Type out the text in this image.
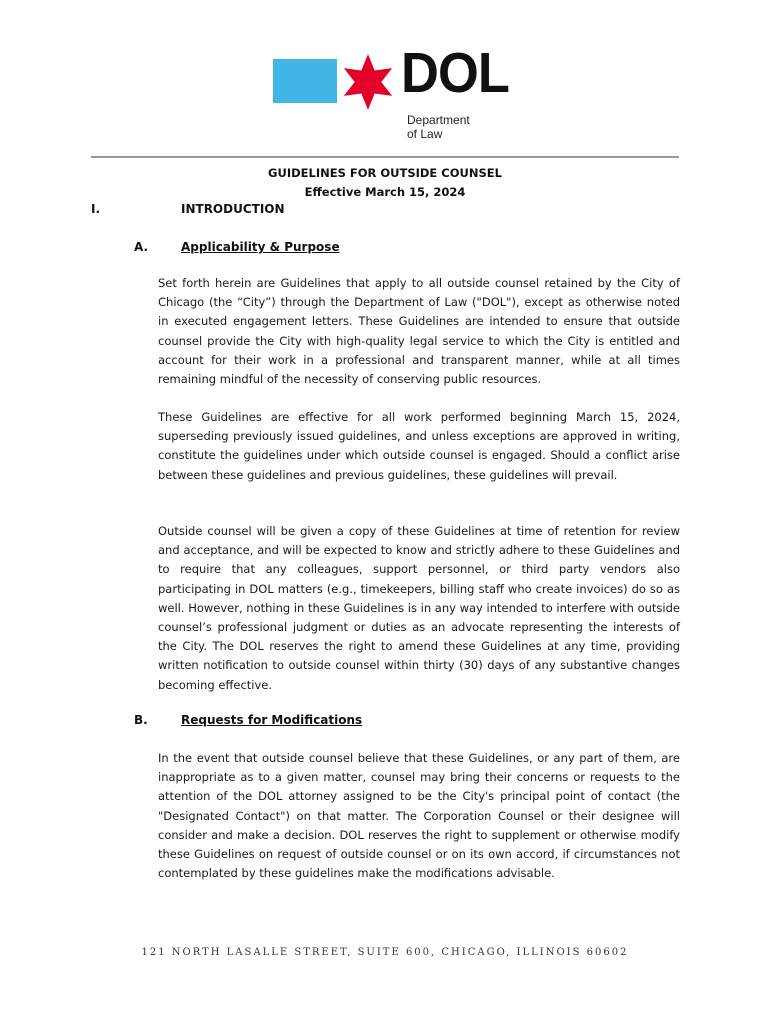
DOL
Department
of Law
GUIDELINES FOR OUTSIDE COUNSEL
Effective March 15, 2024
I.	INTRODUCTION
A.	Applicability & Purpose
Set forth herein are Guidelines that apply to all outside counsel retained by the City of Chicago (the “City”) through the Department of Law ("DOL"), except as otherwise noted in executed engagement letters. These Guidelines are intended to ensure that outside counsel provide the City with high-quality legal service to which the City is entitled and account for their work in a professional and transparent manner, while at all times remaining mindful of the necessity of conserving public resources.
These Guidelines are effective for all work performed beginning March 15, 2024, superseding previously issued guidelines, and unless exceptions are approved in writing, constitute the guidelines under which outside counsel is engaged. Should a conflict arise between these guidelines and previous guidelines, these guidelines will prevail.
Outside counsel will be given a copy of these Guidelines at time of retention for review and acceptance, and will be expected to know and strictly adhere to these Guidelines and to require that any colleagues, support personnel, or third party vendors also participating in DOL matters (e.g., timekeepers, billing staff who create invoices) do so as well. However, nothing in these Guidelines is in any way intended to interfere with outside counsel’s professional judgment or duties as an advocate representing the interests of the City. The DOL reserves the right to amend these Guidelines at any time, providing written notification to outside counsel within thirty (30) days of any substantive changes becoming effective.
B.	Requests for Modifications
In the event that outside counsel believe that these Guidelines, or any part of them, are inappropriate as to a given matter, counsel may bring their concerns or requests to the attention of the DOL attorney assigned to be the City's principal point of contact (the "Designated Contact") on that matter. The Corporation Counsel or their designee will consider and make a decision. DOL reserves the right to supplement or otherwise modify these Guidelines on request of outside counsel or on its own accord, if circumstances not contemplated by these guidelines make the modifications advisable.
121 NORTH LASALLE STREET, SUITE 600, CHICAGO, ILLINOIS 60602
